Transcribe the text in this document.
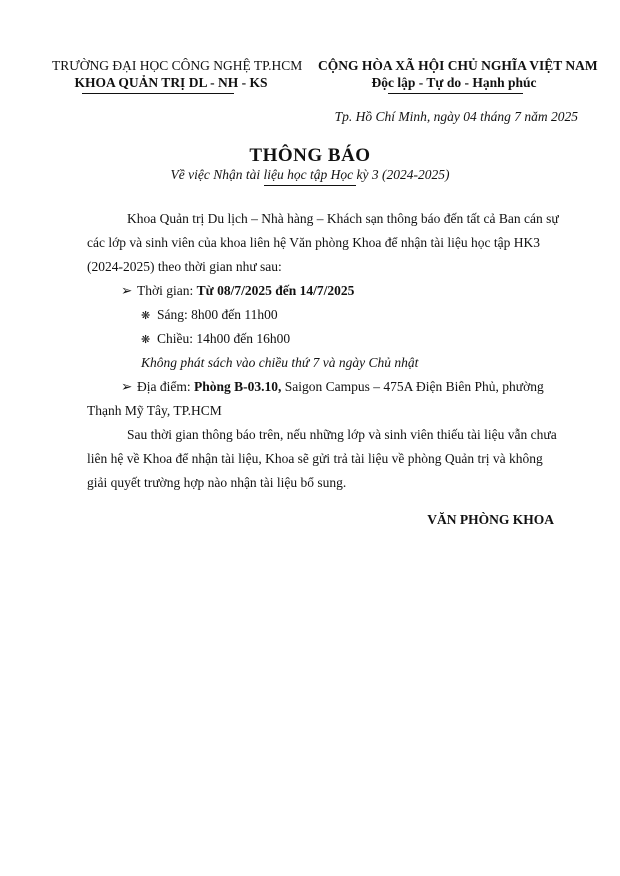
TRƯỜNG ĐẠI HỌC CÔNG NGHỆ TP.HCM
KHOA QUẢN TRỊ DL - NH - KS
CỘNG HÒA XÃ HỘI CHỦ NGHĨA VIỆT NAM
Độc lập - Tự do - Hạnh phúc
Tp. Hồ Chí Minh, ngày 04 tháng 7 năm 2025
THÔNG BÁO
Về việc Nhận tài liệu học tập Học kỳ 3 (2024-2025)
Khoa Quản trị Du lịch – Nhà hàng – Khách sạn thông báo đến tất cả Ban cán sự
các lớp và sinh viên của khoa liên hệ Văn phòng Khoa để nhận tài liệu học tập HK3
(2024-2025) theo thời gian như sau:
➢ Thời gian: Từ 08/7/2025 đến 14/7/2025
❋ Sáng: 8h00 đến 11h00
❋ Chiều: 14h00 đến 16h00
Không phát sách vào chiều thứ 7 và ngày Chủ nhật
➢ Địa điểm: Phòng B-03.10, Saigon Campus – 475A Điện Biên Phủ, phường
Thạnh Mỹ Tây, TP.HCM
Sau thời gian thông báo trên, nếu những lớp và sinh viên thiếu tài liệu vẫn chưa
liên hệ về Khoa để nhận tài liệu, Khoa sẽ gửi trả tài liệu về phòng Quản trị và không
giải quyết trường hợp nào nhận tài liệu bổ sung.
VĂN PHÒNG KHOA
